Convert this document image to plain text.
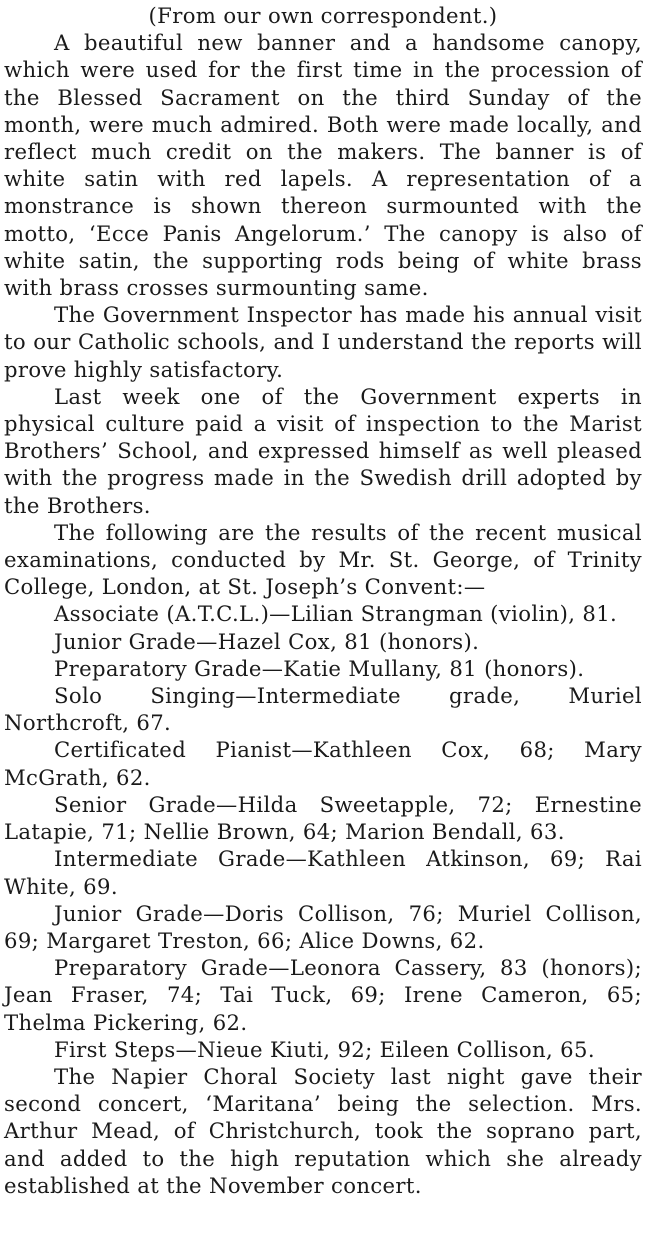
(From our own correspondent.)

A beautiful new banner and a handsome canopy, which were used for the first time in the procession of the Blessed Sacrament on the third Sunday of the month, were much admired. Both were made locally, and reflect much credit on the makers. The banner is of white satin with red lapels. A representation of a monstrance is shown thereon surmounted with the motto, ‘Ecce Panis Angelorum.’ The canopy is also of white satin, the supporting rods being of white brass with brass crosses surmounting same.

The Government Inspector has made his annual visit to our Catholic schools, and I understand the reports will prove highly satisfactory.

Last week one of the Government experts in physical culture paid a visit of inspection to the Marist Brothers’ School, and expressed himself as well pleased with the progress made in the Swedish drill adopted by the Brothers.

The following are the results of the recent musical examinations, conducted by Mr. St. George, of Trinity College, London, at St. Joseph’s Convent:—

Associate (A.T.C.L.)—Lilian Strangman (violin), 81.

Junior Grade—Hazel Cox, 81 (honors).

Preparatory Grade—Katie Mullany, 81 (honors).

Solo Singing—Intermediate grade, Muriel Northcroft, 67.

Certificated Pianist—Kathleen Cox, 68; Mary McGrath, 62.

Senior Grade—Hilda Sweetapple, 72; Ernestine Latapie, 71; Nellie Brown, 64; Marion Bendall, 63.

Intermediate Grade—Kathleen Atkinson, 69; Rai White, 69.

Junior Grade—Doris Collison, 76; Muriel Collison, 69; Margaret Treston, 66; Alice Downs, 62.

Preparatory Grade—Leonora Cassery, 83 (honors); Jean Fraser, 74; Tai Tuck, 69; Irene Cameron, 65; Thelma Pickering, 62.

First Steps—Nieue Kiuti, 92; Eileen Collison, 65.

The Napier Choral Society last night gave their second concert, ‘Maritana’ being the selection. Mrs. Arthur Mead, of Christchurch, took the soprano part, and added to the high reputation which she already established at the November concert.
